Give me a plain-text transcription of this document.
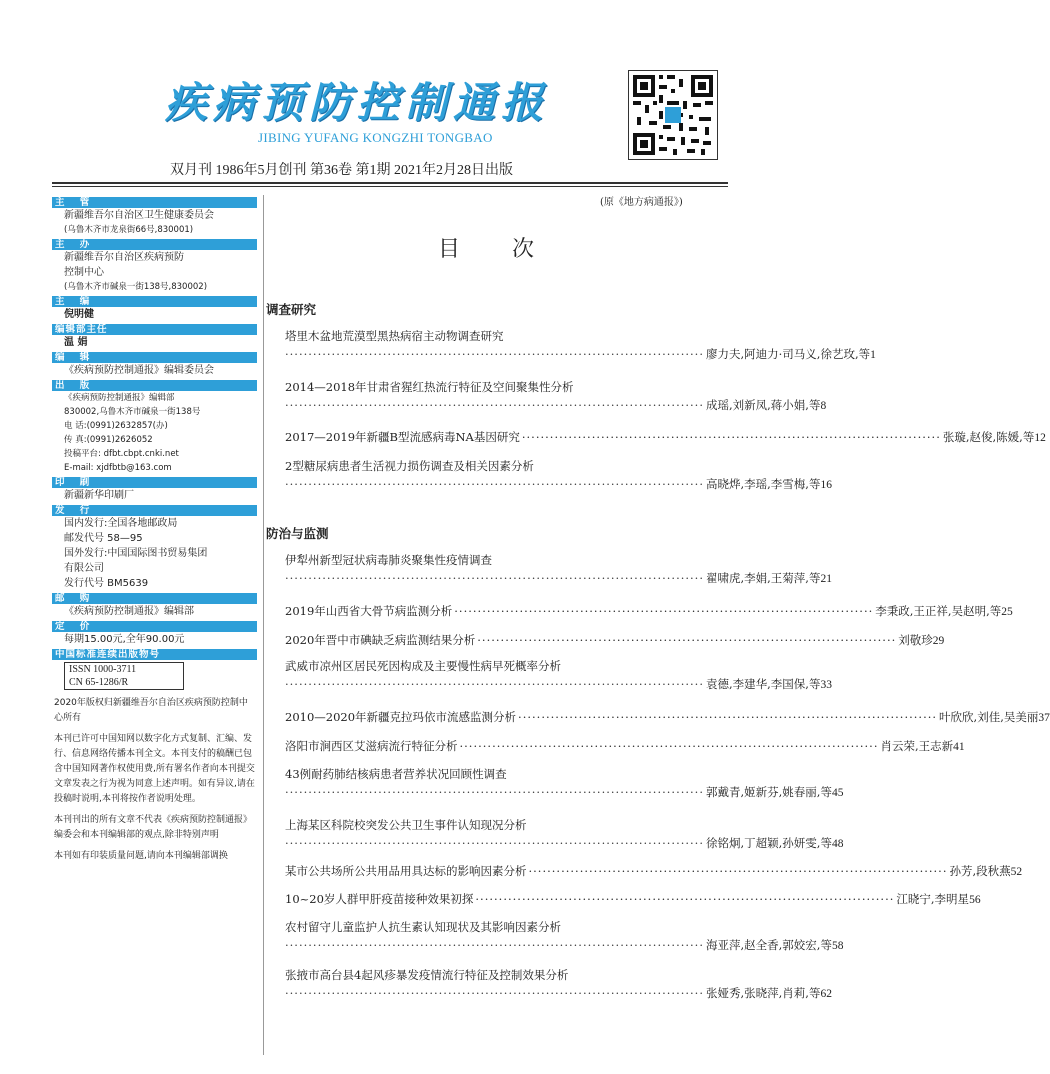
疾病预防控制通报
JIBING YUFANG KONGZHI TONGBAO
双月刊 1986年5月创刊 第36卷 第1期 2021年2月28日出版
主 管
新疆维吾尔自治区卫生健康委员会
(乌鲁木齐市龙泉街66号,830001)
主 办
新疆维吾尔自治区疾病预防
控制中心
(乌鲁木齐市碱泉一街138号,830002)
主 编
倪明健
编辑部主任
温 娟
编 辑
《疾病预防控制通报》编辑委员会
出 版
《疾病预防控制通报》编辑部
830002,乌鲁木齐市碱泉一街138号
电 话:(0991)2632857(办)
传 真:(0991)2626052
投稿平台: dfbt.cbpt.cnki.net
E-mail: xjdfbtb@163.com
印 刷
新疆新华印刷厂
发 行
国内发行:全国各地邮政局
邮发代号 58—95
国外发行:中国国际图书贸易集团
有限公司
发行代号 BM5639
邮 购
《疾病预防控制通报》编辑部
定 价
每期15.00元,全年90.00元
中国标准连续出版物号
ISSN 1000-3711
CN 65-1286/R
2020年版权归新疆维吾尔自治区疾病预防控制中心所有
本刊已许可中国知网以数字化方式复制、汇编、发行、信息网络传播本刊全文。本刊支付的稿酬已包含中国知网著作权使用费,所有署名作者向本刊提交文章发表之行为视为同意上述声明。如有异议,请在投稿时说明,本刊将按作者说明处理。
本刊刊出的所有文章不代表《疾病预防控制通报》编委会和本刊编辑部的观点,除非特别声明
本刊如有印装质量问题,请向本刊编辑部调换
(原《地方病通报》)
目次
调查研究
塔里木盆地荒漠型黑热病宿主动物调查研究
·························································································· 廖力夫,阿迪力·司马义,徐艺玫,等 1
2014—2018年甘肃省猩红热流行特征及空间聚集性分析
·························································································· 成瑶,刘新凤,蒋小娟,等 8
2017—2019年新疆B型流感病毒NA基因研究 ·························································································· 张璇,赵俊,陈媛,等 12
2型糖尿病患者生活视力损伤调查及相关因素分析
·························································································· 高晓烨,李瑶,李雪梅,等 16
防治与监测
伊犁州新型冠状病毒肺炎聚集性疫情调查
·························································································· 翟啸虎,李娟,王菊萍,等 21
2019年山西省大骨节病监测分析 ·························································································· 李秉政,王正祥,吴赵明,等 25
2020年晋中市碘缺乏病监测结果分析 ·························································································· 刘敬珍 29
武威市凉州区居民死因构成及主要慢性病早死概率分析
·························································································· 袁德,李建华,李国保,等 33
2010—2020年新疆克拉玛依市流感监测分析 ·························································································· 叶欣欣,刘佳,吴美丽 37
洛阳市涧西区艾滋病流行特征分析 ·························································································· 肖云荣,王志新 41
43例耐药肺结核病患者营养状况回顾性调查
·························································································· 郭戴青,姬新芬,姚春丽,等 45
上海某区科院校突发公共卫生事件认知现况分析
·························································································· 徐铭炯,丁超颖,孙妍雯,等 48
某市公共场所公共用品用具达标的影响因素分析 ·························································································· 孙芳,段秋燕 52
10~20岁人群甲肝疫苗接种效果初探 ·························································································· 江晓宁,李明星 56
农村留守儿童监护人抗生素认知现状及其影响因素分析
·························································································· 海亚萍,赵全香,郭姣宏,等 58
张掖市高台县4起风疹暴发疫情流行特征及控制效果分析
·························································································· 张娅秀,张晓萍,肖莉,等 62
